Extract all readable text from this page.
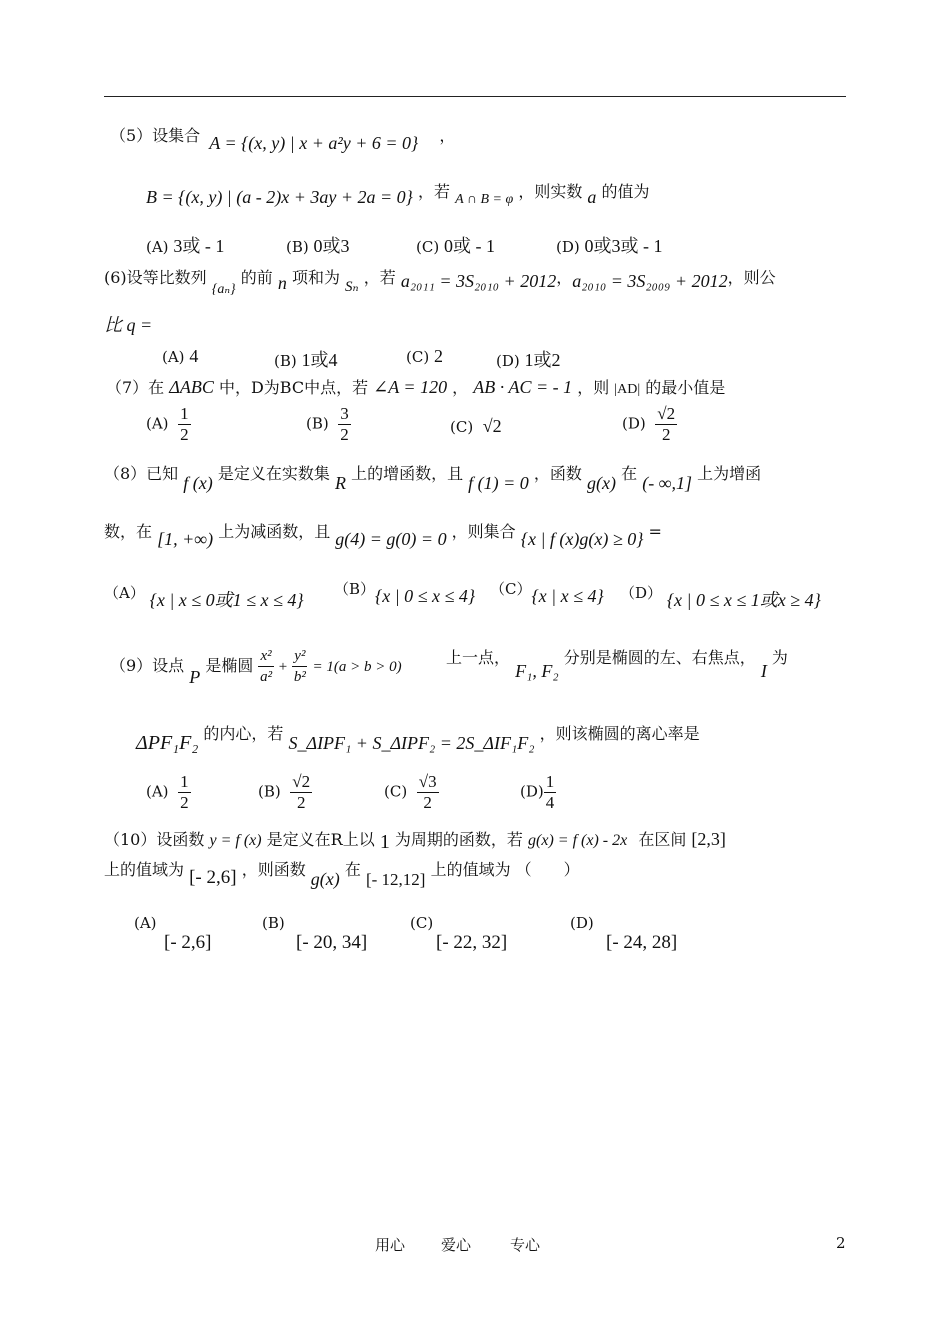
（5）设集合 A = {(x, y) | x + a²y + 6 = 0} ，
B = {(x, y) | (a - 2)x + 3ay + 2a = 0} ，若 A ∩ B = φ ，则实数 a 的值为
(A) 3或 - 1	(B) 0或3	(C) 0或 - 1	(D) 0或3或 - 1
(6)设等比数列 {aₙ} 的前 n 项和为 Sₙ ，若 a₂₀₁₁ = 3S₂₀₁₀ + 2012，a₂₀₁₀ = 3S₂₀₀₉ + 2012，则公
比 q =
(A) 4	(B) 1或4	(C) 2	(D) 1或2
（7）在 ΔABC 中，D为BC中点，若 ∠A = 120 ， AB · AC = - 1 ，则 |AD| 的最小值是
$(A) \frac{1}{2}$	$(B) \frac{3}{2}$	(C) √2	$(D) \frac{√2}{2}$
（8）已知 f (x) 是定义在实数集 R 上的增函数，且 f (1) = 0 ，函数 g(x) 在 (- ∞,1] 上为增函
数，在 [1, +∞) 上为减函数，且 g(4) = g(0) = 0 ，则集合 {x | f (x)g(x) ≥ 0} =
（A） {x | x ≤ 0或1 ≤ x ≤ 4}
（B）{x | 0 ≤ x ≤ 4} （C）{x | x ≤ 4} （D） {x | 0 ≤ x ≤ 1或x ≥ 4}
（9）设点 P 是椭圆 $\frac{\text{x²}}{\text{a²}} + \frac{\text{y²}}{\text{b²}} = 1(a > b > 0)$	上一点， F₁, F₂ 分别是椭圆的左、右焦点， I 为
ΔPF₁F₂ 的内心，若 S_ΔIPF₁ + S_ΔIPF₂ = 2S_ΔIF₁F₂ ，则该椭圆的离心率是
$(A) \frac{1}{2}$	$(B) \frac{√2}{2}$	$(C) \frac{√3}{2}$	$(D) \frac{1}{4}$
（10）设函数 y = f (x) 是定义在R上以 1 为周期的函数，若 g(x) = f (x) - 2x 在区间 [2,3]
上的值域为 [- 2,6] ，则函数 g(x) 在 [- 12,12] 上的值域为 （　　）
(A)
[- 2,6]
(B)
[- 20, 34]
(C)
[- 22, 32]
(D)
[- 24, 28]
用心 爱心	专心	2
